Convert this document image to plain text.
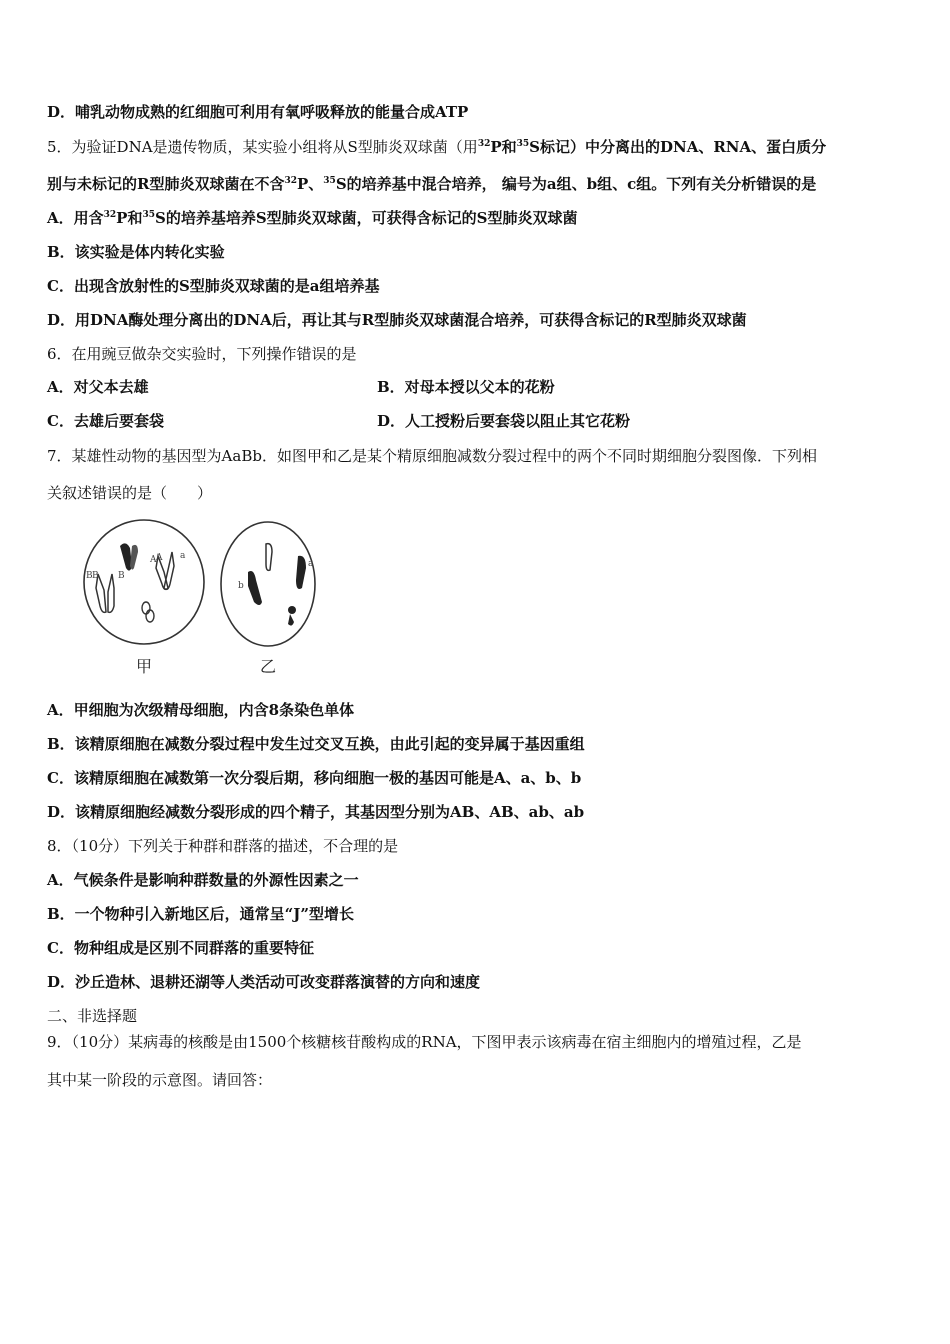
D．哺乳动物成熟的红细胞可利用有氧呼吸释放的能量合成ATP
5．为验证DNA是遗传物质，某实验小组将从S型肺炎双球菌（用$^{32}$P和$^{35}$S标记）中分离出的DNA、RNA、蛋白质分
别与未标记的R型肺炎双球菌在不含$^{32}$P、$^{35}$S的培养基中混合培养， 编号为a组、b组、c组。下列有关分析错误的是
A．用含$^{32}$P和$^{35}$S的培养基培养S型肺炎双球菌，可获得含标记的S型肺炎双球菌
B．该实验是体内转化实验
C．出现含放射性的S型肺炎双球菌的是a组培养基
D．用DNA酶处理分离出的DNA后，再让其与R型肺炎双球菌混合培养，可获得含标记的R型肺炎双球菌
6．在用豌豆做杂交实验时，下列操作错误的是
A．对父本去雄	B．对母本授以父本的花粉
C．去雄后要套袋	D．人工授粉后要套袋以阻止其它花粉
7．某雄性动物的基因型为AaBb．如图甲和乙是某个精原细胞减数分裂过程中的两个不同时期细胞分裂图像．下列相
关叙述错误的是（　　）
A A a
B B B
a
b
甲	乙
A．甲细胞为次级精母细胞，内含8条染色单体
B．该精原细胞在减数分裂过程中发生过交叉互换，由此引起的变异属于基因重组
C．该精原细胞在减数第一次分裂后期，移向细胞一极的基因可能是A、a、b、b
D．该精原细胞经减数分裂形成的四个精子，其基因型分别为AB、AB、ab、ab
8．（10分）下列关于种群和群落的描述，不合理的是
A．气候条件是影响种群数量的外源性因素之一
B．一个物种引入新地区后，通常呈“J”型增长
C．物种组成是区别不同群落的重要特征
D．沙丘造林、退耕还湖等人类活动可改变群落演替的方向和速度
二、非选择题
9．（10分）某病毒的核酸是由1500个核糖核苷酸构成的RNA，下图甲表示该病毒在宿主细胞内的增殖过程，乙是
其中某一阶段的示意图。请回答：
